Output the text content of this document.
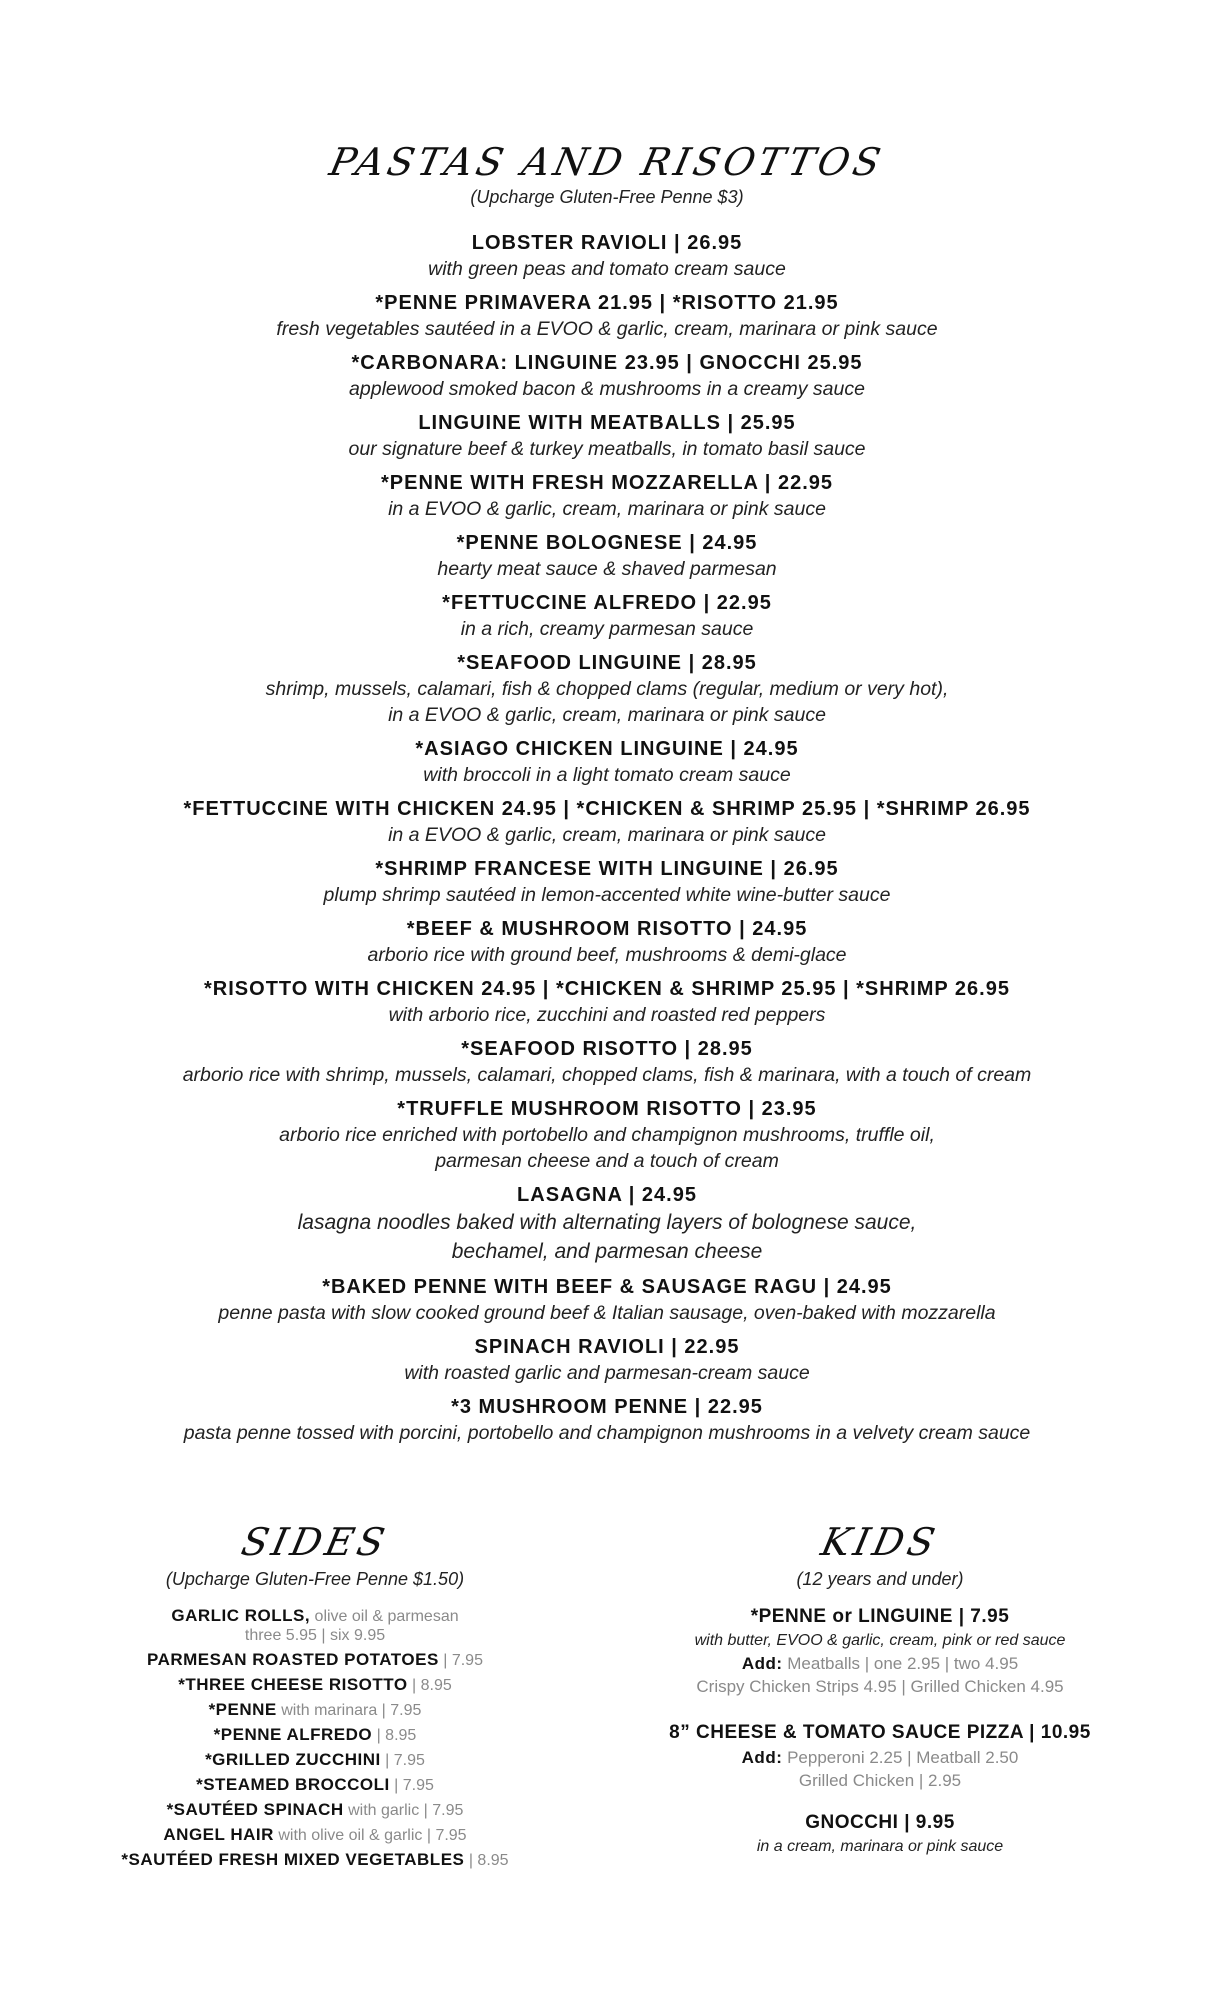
PASTAS AND RISOTTOS
(Upcharge Gluten-Free Penne $3)
LOBSTER RAVIOLI | 26.95
with green peas and tomato cream sauce
*PENNE PRIMAVERA 21.95 | *RISOTTO 21.95
fresh vegetables sautéed in a EVOO & garlic, cream, marinara or pink sauce
*CARBONARA: LINGUINE 23.95 | GNOCCHI 25.95
applewood smoked bacon & mushrooms in a creamy sauce
LINGUINE WITH MEATBALLS | 25.95
our signature beef & turkey meatballs, in tomato basil sauce
*PENNE WITH FRESH MOZZARELLA | 22.95
in a EVOO & garlic, cream, marinara or pink sauce
*PENNE BOLOGNESE | 24.95
hearty meat sauce & shaved parmesan
*FETTUCCINE ALFREDO | 22.95
in a rich, creamy parmesan sauce
*SEAFOOD LINGUINE | 28.95
shrimp, mussels, calamari, fish & chopped clams (regular, medium or very hot),
in a EVOO & garlic, cream, marinara or pink sauce
*ASIAGO CHICKEN LINGUINE | 24.95
with broccoli in a light tomato cream sauce
*FETTUCCINE WITH CHICKEN 24.95 | *CHICKEN & SHRIMP 25.95 | *SHRIMP 26.95
in a EVOO & garlic, cream, marinara or pink sauce
*SHRIMP FRANCESE WITH LINGUINE | 26.95
plump shrimp sautéed in lemon-accented white wine-butter sauce
*BEEF & MUSHROOM RISOTTO | 24.95
arborio rice with ground beef, mushrooms & demi-glace
*RISOTTO WITH CHICKEN 24.95 | *CHICKEN & SHRIMP 25.95 | *SHRIMP 26.95
with arborio rice, zucchini and roasted red peppers
*SEAFOOD RISOTTO | 28.95
arborio rice with shrimp, mussels, calamari, chopped clams, fish & marinara, with a touch of cream
*TRUFFLE MUSHROOM RISOTTO | 23.95
arborio rice enriched with portobello and champignon mushrooms, truffle oil,
parmesan cheese and a touch of cream
LASAGNA | 24.95
lasagna noodles baked with alternating layers of bolognese sauce,
bechamel, and parmesan cheese
*BAKED PENNE WITH BEEF & SAUSAGE RAGU | 24.95
penne pasta with slow cooked ground beef & Italian sausage, oven-baked with mozzarella
SPINACH RAVIOLI | 22.95
with roasted garlic and parmesan-cream sauce
*3 MUSHROOM PENNE | 22.95
pasta penne tossed with porcini, portobello and champignon mushrooms in a velvety cream sauce
SIDES
(Upcharge Gluten-Free Penne $1.50)
GARLIC ROLLS, olive oil & parmesan
three 5.95 | six 9.95
PARMESAN ROASTED POTATOES | 7.95
*THREE CHEESE RISOTTO | 8.95
*PENNE with marinara | 7.95
*PENNE ALFREDO | 8.95
*GRILLED ZUCCHINI | 7.95
*STEAMED BROCCOLI | 7.95
*SAUTÉED SPINACH with garlic | 7.95
ANGEL HAIR with olive oil & garlic | 7.95
*SAUTÉED FRESH MIXED VEGETABLES | 8.95
KIDS
(12 years and under)
*PENNE or LINGUINE | 7.95
with butter, EVOO & garlic, cream, pink or red sauce
Add: Meatballs | one 2.95 | two 4.95
Crispy Chicken Strips 4.95 | Grilled Chicken 4.95
8” CHEESE & TOMATO SAUCE PIZZA | 10.95
Add: Pepperoni 2.25 | Meatball 2.50
Grilled Chicken | 2.95
GNOCCHI | 9.95
in a cream, marinara or pink sauce
